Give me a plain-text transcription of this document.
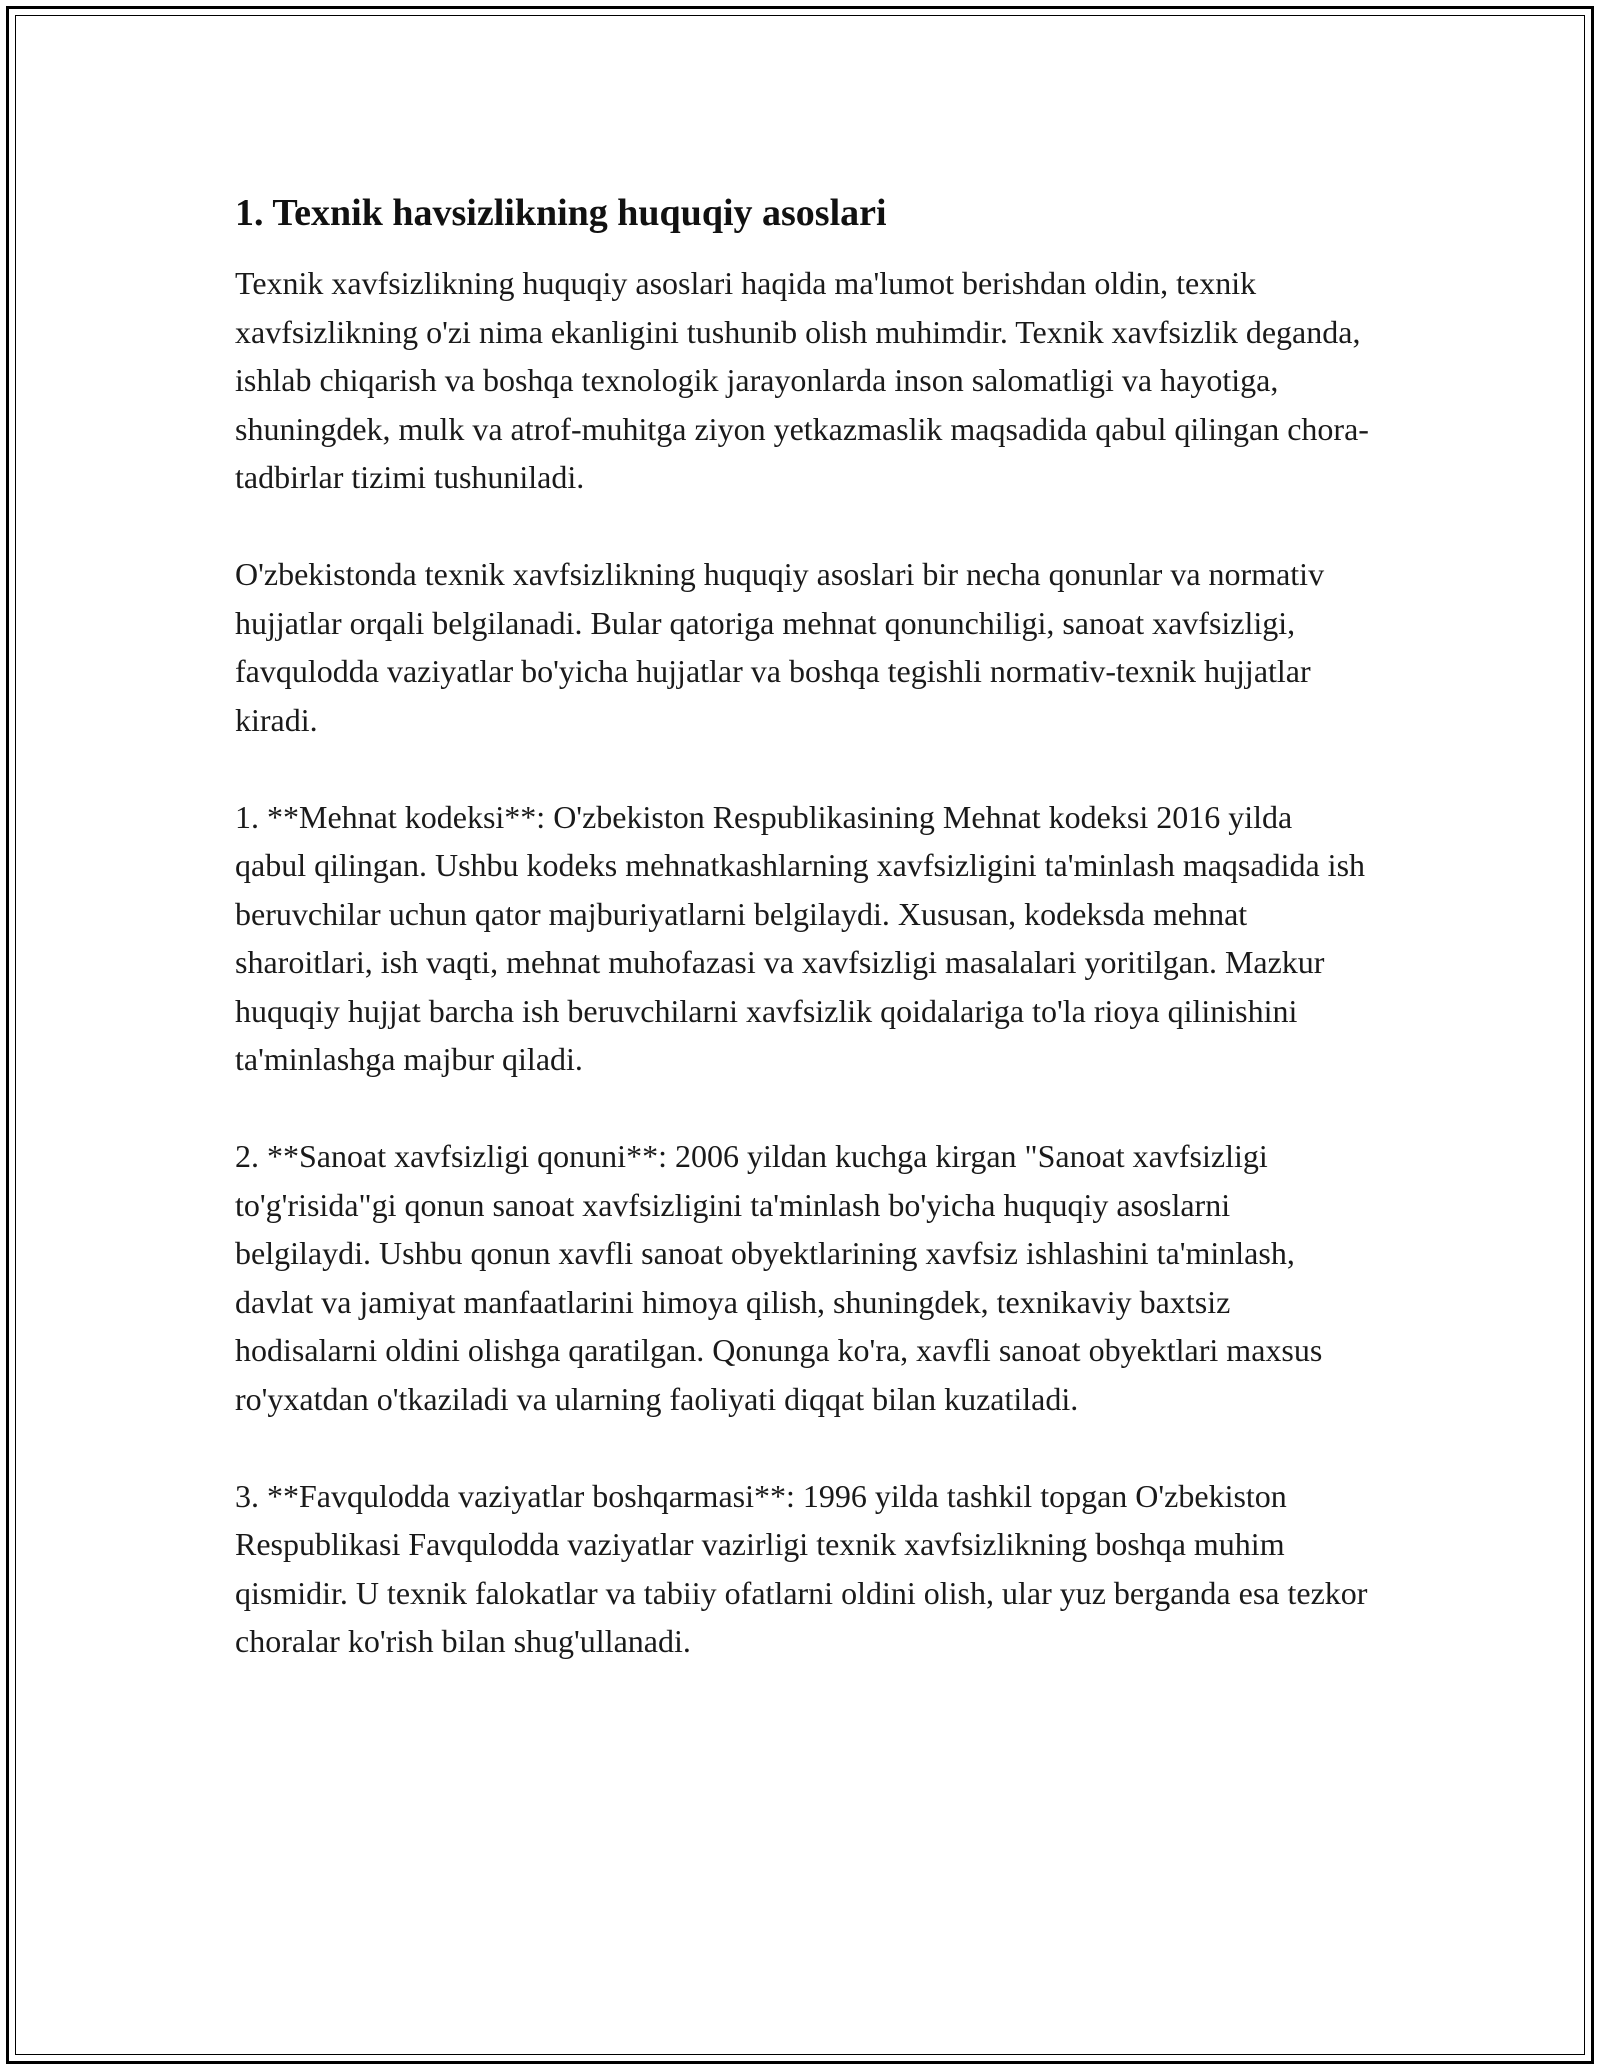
1. Texnik havsizlikning huquqiy asoslari

Texnik xavfsizlikning huquqiy asoslari haqida ma'lumot berishdan oldin, texnik xavfsizlikning o'zi nima ekanligini tushunib olish muhimdir. Texnik xavfsizlik deganda, ishlab chiqarish va boshqa texnologik jarayonlarda inson salomatligi va hayotiga, shuningdek, mulk va atrof-muhitga ziyon yetkazmaslik maqsadida qabul qilingan chora-tadbirlar tizimi tushuniladi.

O'zbekistonda texnik xavfsizlikning huquqiy asoslari bir necha qonunlar va normativ hujjatlar orqali belgilanadi. Bular qatoriga mehnat qonunchiligi, sanoat xavfsizligi, favqulodda vaziyatlar bo'yicha hujjatlar va boshqa tegishli normativ-texnik hujjatlar kiradi.

1. **Mehnat kodeksi**: O'zbekiston Respublikasining Mehnat kodeksi 2016 yilda qabul qilingan. Ushbu kodeks mehnatkashlarning xavfsizligini ta'minlash maqsadida ish beruvchilar uchun qator majburiyatlarni belgilaydi. Xususan, kodeksda mehnat sharoitlari, ish vaqti, mehnat muhofazasi va xavfsizligi masalalari yoritilgan. Mazkur huquqiy hujjat barcha ish beruvchilarni xavfsizlik qoidalariga to'la rioya qilinishini ta'minlashga majbur qiladi.

2. **Sanoat xavfsizligi qonuni**: 2006 yildan kuchga kirgan "Sanoat xavfsizligi to'g'risida"gi qonun sanoat xavfsizligini ta'minlash bo'yicha huquqiy asoslarni belgilaydi. Ushbu qonun xavfli sanoat obyektlarining xavfsiz ishlashini ta'minlash, davlat va jamiyat manfaatlarini himoya qilish, shuningdek, texnikaviy baxtsiz hodisalarni oldini olishga qaratilgan. Qonunga ko'ra, xavfli sanoat obyektlari maxsus ro'yxatdan o'tkaziladi va ularning faoliyati diqqat bilan kuzatiladi.

3. **Favqulodda vaziyatlar boshqarmasi**: 1996 yilda tashkil topgan O'zbekiston Respublikasi Favqulodda vaziyatlar vazirligi texnik xavfsizlikning boshqa muhim qismidir. U texnik falokatlar va tabiiy ofatlarni oldini olish, ular yuz berganda esa tezkor choralar ko'rish bilan shug'ullanadi.
